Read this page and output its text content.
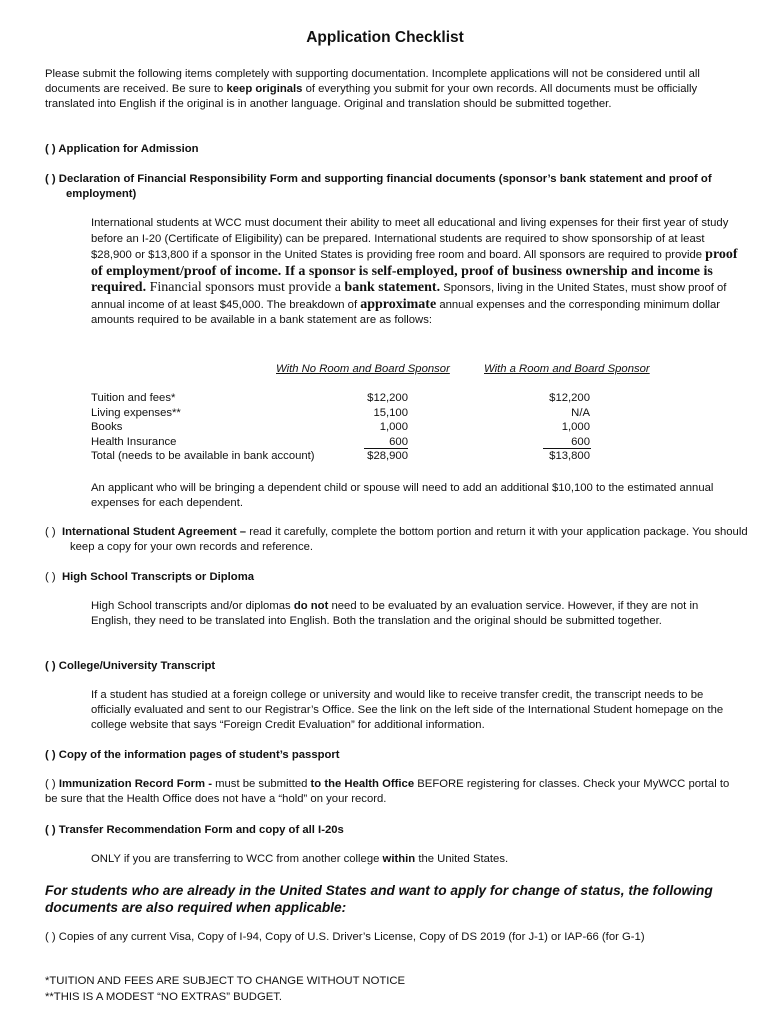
Application Checklist
Please submit the following items completely with supporting documentation. Incomplete applications will not be considered until all documents are received. Be sure to keep originals of everything you submit for your own records. All documents must be officially translated into English if the original is in another language. Original and translation should be submitted together.
( ) Application for Admission
( ) Declaration of Financial Responsibility Form and supporting financial documents (sponsor’s bank statement and proof of employment)
International students at WCC must document their ability to meet all educational and living expenses for their first year of study before an I-20 (Certificate of Eligibility) can be prepared. International students are required to show sponsorship of at least $28,900 or $13,800 if a sponsor in the United States is providing free room and board. All sponsors are required to provide proof of employment/proof of income. If a sponsor is self-employed, proof of business ownership and income is required. Financial sponsors must provide a bank statement. Sponsors, living in the United States, must show proof of annual income of at least $45,000. The breakdown of approximate annual expenses and the corresponding minimum dollar amounts required to be available in a bank statement are as follows:
With No Room and Board Sponsor	With a Room and Board Sponsor
Tuition and fees*
Living expenses**
Books
Health Insurance
Total (needs to be available in bank account)
$12,200
15,100
1,000
600
$28,900
$12,200
N/A
1,000
600
$13,800
An applicant who will be bringing a dependent child or spouse will need to add an additional $10,100 to the estimated annual expenses for each dependent.
( ) International Student Agreement – read it carefully, complete the bottom portion and return it with your application package. You should keep a copy for your own records and reference.
( ) High School Transcripts or Diploma
High School transcripts and/or diplomas do not need to be evaluated by an evaluation service. However, if they are not in English, they need to be translated into English. Both the translation and the original should be submitted together.
( ) College/University Transcript
If a student has studied at a foreign college or university and would like to receive transfer credit, the transcript needs to be officially evaluated and sent to our Registrar’s Office. See the link on the left side of the International Student homepage on the college website that says “Foreign Credit Evaluation” for additional information.
( ) Copy of the information pages of student’s passport
( ) Immunization Record Form - must be submitted to the Health Office BEFORE registering for classes. Check your MyWCC portal to be sure that the Health Office does not have a “hold” on your record.
( ) Transfer Recommendation Form and copy of all I-20s
ONLY if you are transferring to WCC from another college within the United States.
For students who are already in the United States and want to apply for change of status, the following documents are also required when applicable:
( ) Copies of any current Visa, Copy of I-94, Copy of U.S. Driver’s License, Copy of DS 2019 (for J-1) or IAP-66 (for G-1)
*TUITION AND FEES ARE SUBJECT TO CHANGE WITHOUT NOTICE
**THIS IS A MODEST “NO EXTRAS” BUDGET.
